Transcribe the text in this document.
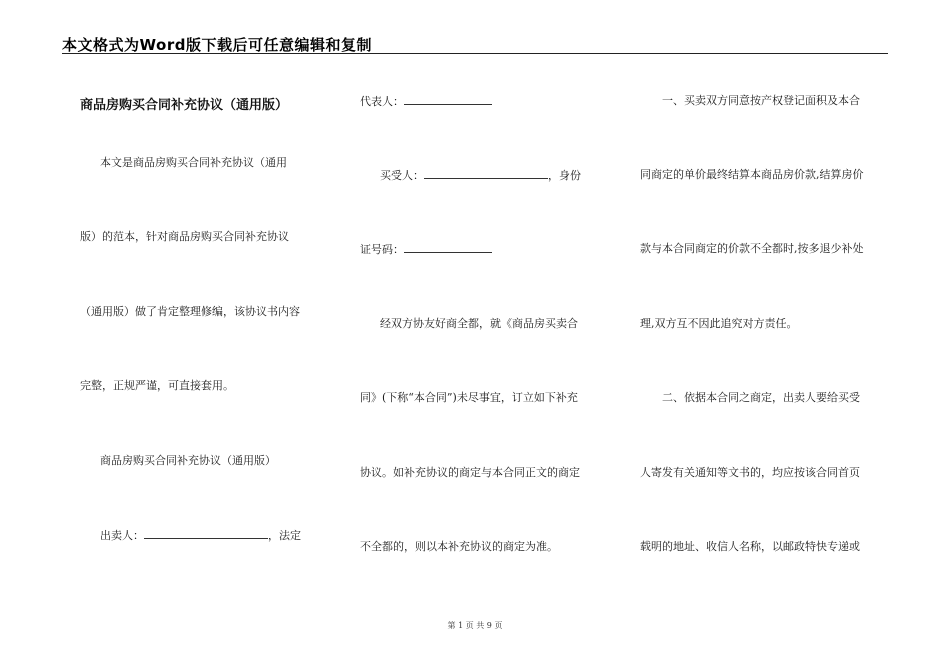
本文格式为Word版下载后可任意编辑和复制
商品房购买合同补充协议（通用版）
本文是商品房购买合同补充协议（通用
版）的范本，针对商品房购买合同补充协议
（通用版）做了肯定整理修编，该协议书内容
完整，正规严谨，可直接套用。
商品房购买合同补充协议（通用版）
出卖人：	，法定
代表人：
买受人：	，身份
证号码：
经双方协友好商全都，就《商品房买卖合
同》(下称“本合同”)未尽事宜，订立如下补充
协议。如补充协议的商定与本合同正文的商定
不全都的，则以本补充协议的商定为准。
一、买卖双方同意按产权登记面积及本合
同商定的单价最终结算本商品房价款,结算房价
款与本合同商定的价款不全都时,按多退少补处
理,双方互不因此追究对方责任。
二、依据本合同之商定，出卖人要给买受
人寄发有关通知等文书的，均应按该合同首页
载明的地址、收信人名称，以邮政特快专递或
第 1 页 共 9 页
